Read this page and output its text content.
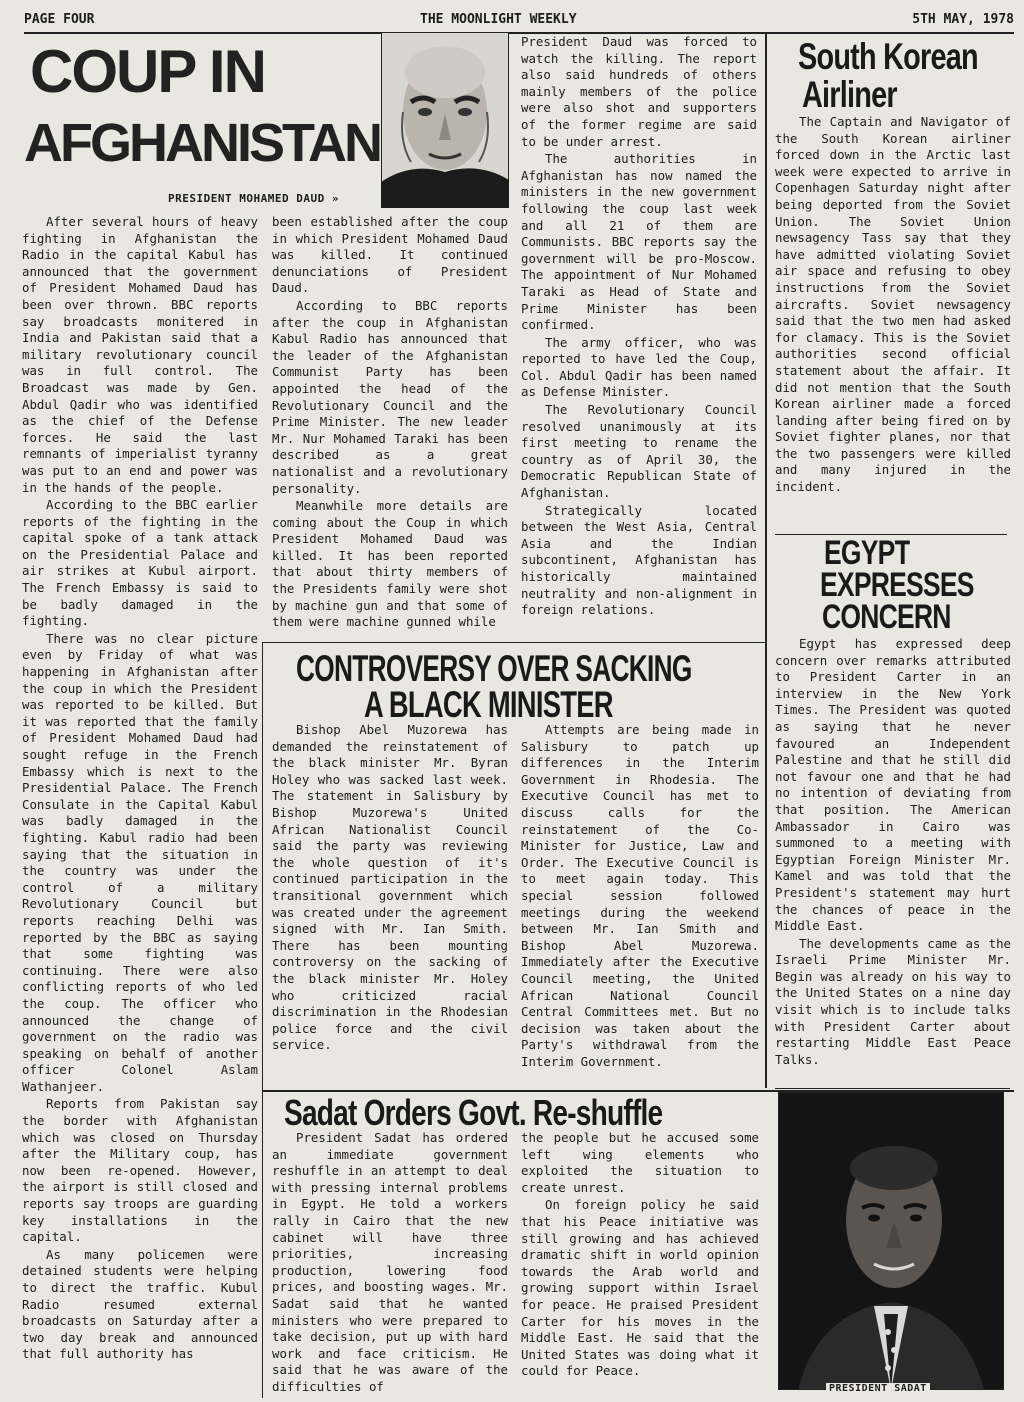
PAGE FOUR	THE MOONLIGHT WEEKLY	5TH MAY, 1978
COUP IN
AFGHANISTAN
PRESIDENT MOHAMED DAUD »

After several hours of heavy fighting in Afghanistan the Radio in the capital Kabul has announced that the government of President Mohamed Daud has been over thrown. BBC reports say broadcasts monitered in India and Pakistan said that a military revolutionary council was in full control. The Broadcast was made by Gen. Abdul Qadir who was identified as the chief of the Defense forces. He said the last remnants of imperialist tyranny was put to an end and power was in the hands of the people.

According to the BBC earlier reports of the fighting in the capital spoke of a tank attack on the Presidential Palace and air strikes at Kubul airport. The French Embassy is said to be badly damaged in the fighting.

There was no clear picture even by Friday of what was happening in Afghanistan after the coup in which the President was reported to be killed. But it was reported that the family of President Mohamed Daud had sought refuge in the French Embassy which is next to the Presidential Palace. The French Consulate in the Capital Kabul was badly damaged in the fighting. Kabul radio had been saying that the situation in the country was under the control of a military Revolutionary Council but reports reaching Delhi was reported by the BBC as saying that some fighting was continuing. There were also conflicting reports of who led the coup. The officer who announced the change of government on the radio was speaking on behalf of another officer Colonel Aslam Wathanjeer.

Reports from Pakistan say the border with Afghanistan which was closed on Thursday after the Military coup, has now been re-opened. However, the airport is still closed and reports say troops are guarding key installations in the capital.

As many policemen were detained students were helping to direct the traffic. Kubul Radio resumed external broadcasts on Saturday after a two day break and announced that full authority has

been established after the coup in which President Mohamed Daud was killed. It continued denunciations of President Daud.

According to BBC reports after the coup in Afghanistan Kabul Radio has announced that the leader of the Afghanistan Communist Party has been appointed the head of the Revolutionary Council and the Prime Minister. The new leader Mr. Nur Mohamed Taraki has been described as a great nationalist and a revolutionary personality.

Meanwhile more details are coming about the Coup in which President Mohamed Daud was killed. It has been reported that about thirty members of the Presidents family were shot by machine gun and that some of them were machine gunned while

President Daud was forced to watch the killing. The report also said hundreds of others mainly members of the police were also shot and supporters of the former regime are said to be under arrest.

The authorities in Afghanistan has now named the ministers in the new government following the coup last week and all 21 of them are Communists. BBC reports say the government will be pro-Moscow. The appointment of Nur Mohamed Taraki as Head of State and Prime Minister has been confirmed.

The army officer, who was reported to have led the Coup, Col. Abdul Qadir has been named as Defense Minister.

The Revolutionary Council resolved unanimously at its first meeting to rename the country as of April 30, the Democratic Republican State of Afghanistan.

Strategically located between the West Asia, Central Asia and the Indian subcontinent, Afghanistan has historically maintained neutrality and non-alignment in foreign relations.

South Korean
Airliner

The Captain and Navigator of the South Korean airliner forced down in the Arctic last week were expected to arrive in Copenhagen Saturday night after being deported from the Soviet Union. The Soviet Union newsagency Tass say that they have admitted violating Soviet air space and refusing to obey instructions from the Soviet aircrafts. Soviet newsagency said that the two men had asked for clamacy. This is the Soviet authorities second official statement about the affair. It did not mention that the South Korean airliner made a forced landing after being fired on by Soviet fighter planes, nor that the two passengers were killed and many injured in the incident.

EGYPT
EXPRESSES
CONCERN

Egypt has expressed deep concern over remarks attributed to President Carter in an interview in the New York Times. The President was quoted as saying that he never favoured an Independent Palestine and that he still did not favour one and that he had no intention of deviating from that position. The American Ambassador in Cairo was summoned to a meeting with Egyptian Foreign Minister Mr. Kamel and was told that the President's statement may hurt the chances of peace in the Middle East.

The developments came as the Israeli Prime Minister Mr. Begin was already on his way to the United States on a nine day visit which is to include talks with President Carter about restarting Middle East Peace Talks.

CONTROVERSY OVER SACKING
A BLACK MINISTER

Bishop Abel Muzorewa has demanded the reinstatement of the black minister Mr. Byran Holey who was sacked last week. The statement in Salisbury by Bishop Muzorewa's United African Nationalist Council said the party was reviewing the whole question of it's continued participation in the transitional government which was created under the agreement signed with Mr. Ian Smith. There has been mounting controversy on the sacking of the black minister Mr. Holey who criticized racial discrimination in the Rhodesian police force and the civil service.

Attempts are being made in Salisbury to patch up differences in the Interim Government in Rhodesia. The Executive Council has met to discuss calls for the reinstatement of the Co-Minister for Justice, Law and Order. The Executive Council is to meet again today. This special session followed meetings during the weekend between Mr. Ian Smith and Bishop Abel Muzorewa. Immediately after the Executive Council meeting, the United African National Council Central Committees met. But no decision was taken about the Party's withdrawal from the Interim Government.

Sadat Orders Govt. Re-shuffle

President Sadat has ordered an immediate government reshuffle in an attempt to deal with pressing internal problems in Egypt. He told a workers rally in Cairo that the new cabinet will have three priorities, increasing production, lowering food prices, and boosting wages. Mr. Sadat said that he wanted ministers who were prepared to take decision, put up with hard work and face criticism. He said that he was aware of the difficulties of

the people but he accused some left wing elements who exploited the situation to create unrest.

On foreign policy he said that his Peace initiative was still growing and has achieved dramatic shift in world opinion towards the Arab world and growing support within Israel for peace. He praised President Carter for his moves in the Middle East. He said that the United States was doing what it could for Peace.

PRESIDENT SADAT
